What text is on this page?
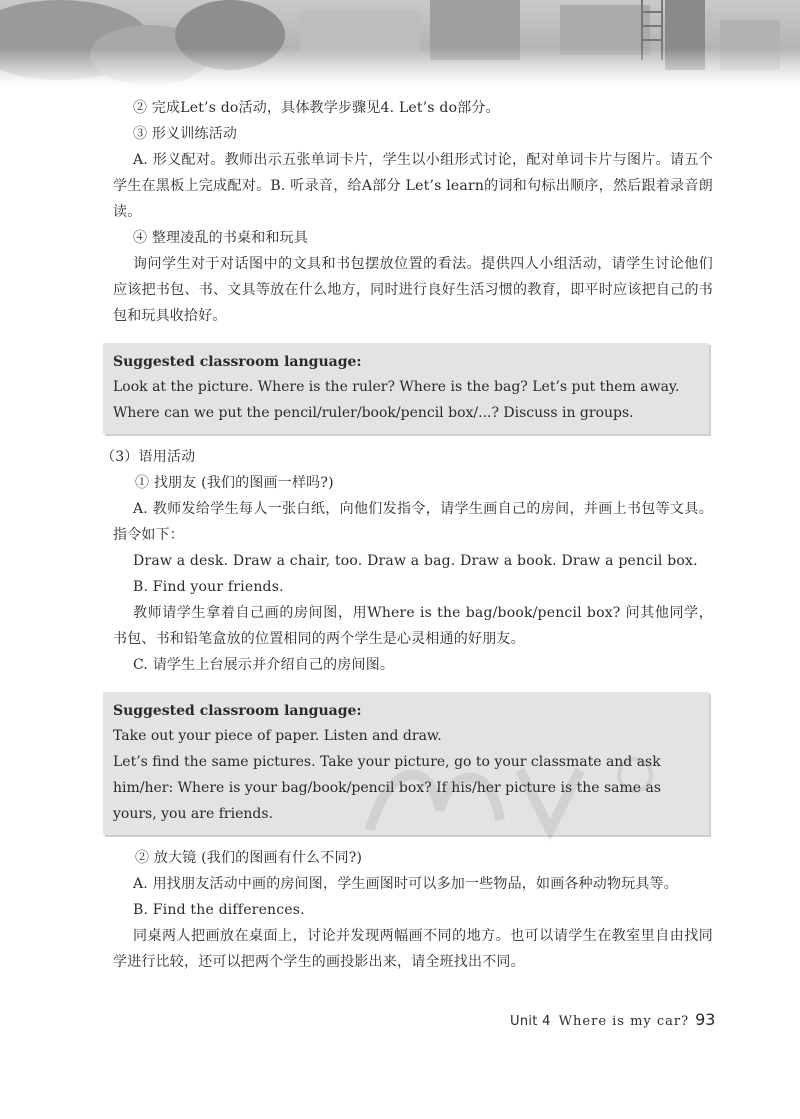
② 完成Let’s do活动，具体教学步骤见4. Let’s do部分。

③ 形义训练活动

A. 形义配对。教师出示五张单词卡片，学生以小组形式讨论，配对单词卡片与图片。请五个学生在黑板上完成配对。B. 听录音，给A部分 Let’s learn的词和句标出顺序，然后跟着录音朗读。

④ 整理凌乱的书桌和和玩具

询问学生对于对话图中的文具和书包摆放位置的看法。提供四人小组活动，请学生讨论他们应该把书包、书、文具等放在什么地方，同时进行良好生活习惯的教育，即平时应该把自己的书包和玩具收拾好。

Suggested classroom language:
Look at the picture. Where is the ruler? Where is the bag? Let’s put them away.
Where can we put the pencil/ruler/book/pencil box/...? Discuss in groups.

（3）语用活动

① 找朋友 (我们的图画一样吗?)

A. 教师发给学生每人一张白纸，向他们发指令，请学生画自己的房间，并画上书包等文具。指令如下：

Draw a desk. Draw a chair, too. Draw a bag. Draw a book. Draw a pencil box.

B. Find your friends.

教师请学生拿着自己画的房间图，用Where is the bag/book/pencil box? 问其他同学，书包、书和铅笔盒放的位置相同的两个学生是心灵相通的好朋友。

C. 请学生上台展示并介绍自己的房间图。

Suggested classroom language:
Take out your piece of paper. Listen and draw.
Let’s find the same pictures. Take your picture, go to your classmate and ask him/her: Where is your bag/book/pencil box? If his/her picture is the same as yours, you are friends.

② 放大镜 (我们的图画有什么不同?)

A. 用找朋友活动中画的房间图，学生画图时可以多加一些物品，如画各种动物玩具等。

B. Find the differences.

同桌两人把画放在桌面上，讨论并发现两幅画不同的地方。也可以请学生在教室里自由找同学进行比较，还可以把两个学生的画投影出来，请全班找出不同。

Unit 4 Where is my car? 93
